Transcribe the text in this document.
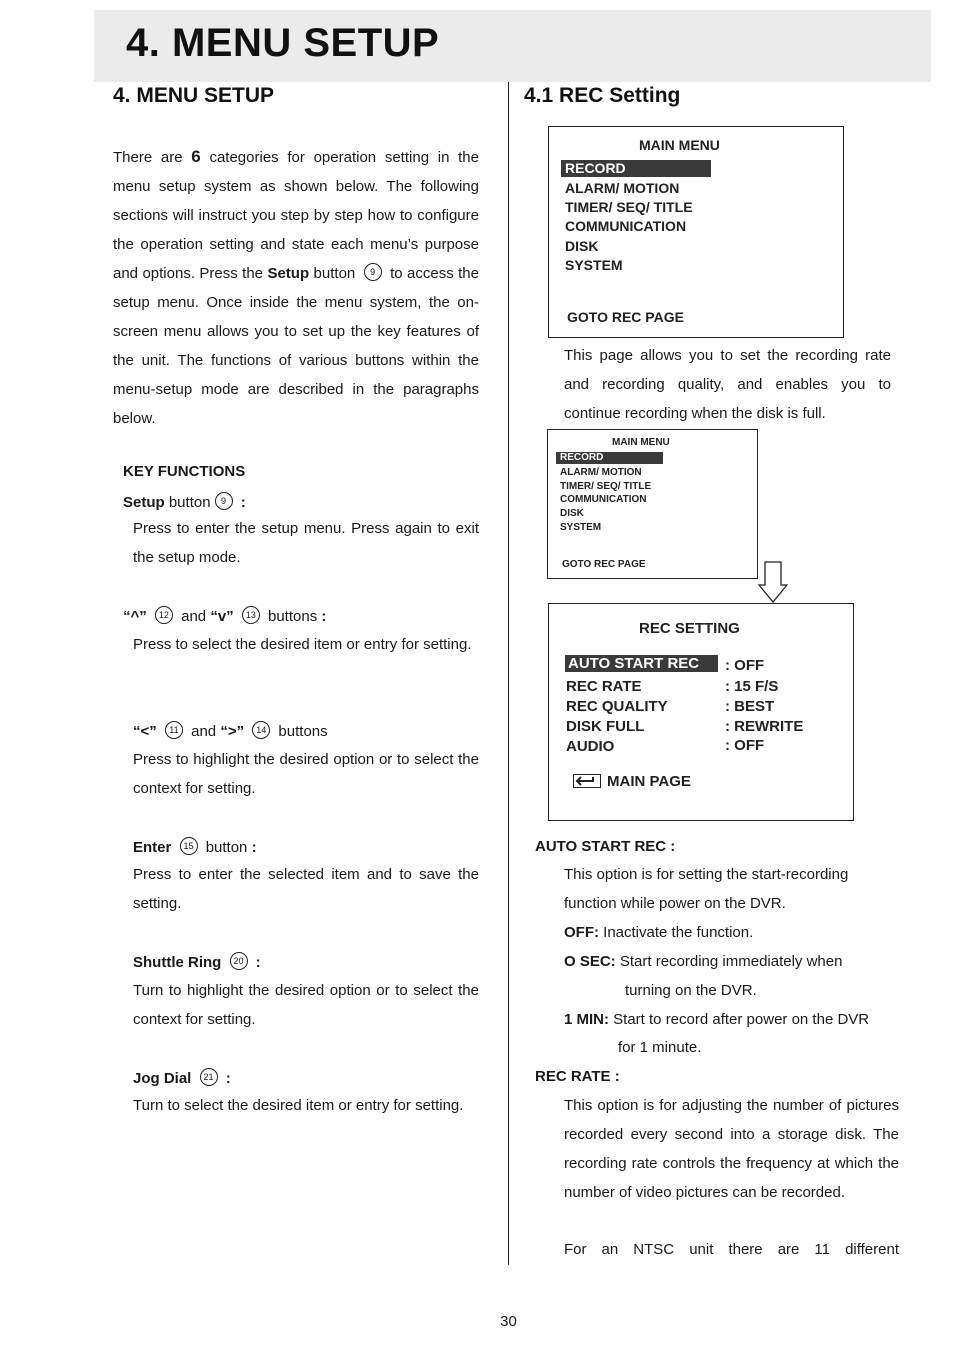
4. MENU SETUP
4. MENU SETUP

There are 6 categories for operation setting in the menu setup system as shown below. The following sections will instruct you step by step how to configure the operation setting and state each menu’s purpose and options. Press the Setup button 9 to access the setup menu. Once inside the menu system, the on-screen menu allows you to set up the key features of the unit. The functions of various buttons within the menu-setup mode are described in the paragraphs below.

KEY FUNCTIONS
Setup button 9 :
Press to enter the setup menu. Press again to exit the setup mode.
“^” 12 and “v” 13 buttons :
Press to select the desired item or entry for setting.
“<” 11 and “>” 14 buttons
Press to highlight the desired option or to select the context for setting.
Enter 15 button :
Press to enter the selected item and to save the setting.
Shuttle Ring 20 :
Turn to highlight the desired option or to select the context for setting.
Jog Dial 21 :
Turn to select the desired item or entry for setting.
4.1 REC Setting
MAIN MENU
RECORD
ALARM/ MOTION
TIMER/ SEQ/ TITLE
COMMUNICATION
DISK
SYSTEM
GOTO REC PAGE
This page allows you to set the recording rate and recording quality, and enables you to continue recording when the disk is full.
MAIN MENU
RECORD
ALARM/ MOTION
TIMER/ SEQ/ TITLE
COMMUNICATION
DISK
SYSTEM
GOTO REC PAGE
REC SETTING
AUTO START REC	: OFF
REC RATE	: 15 F/S
REC QUALITY	: BEST
DISK FULL	: REWRITE
AUDIO	: OFF
MAIN PAGE
AUTO START REC :
This option is for setting the start-recording function while power on the DVR.
OFF: Inactivate the function.
O SEC: Start recording immediately when
turning on the DVR.
1 MIN: Start to record after power on the DVR
for 1 minute.
REC RATE :
This option is for adjusting the number of pictures recorded every second into a storage disk. The recording rate controls the frequency at which the number of video pictures can be recorded.
For an NTSC unit there are 11 different
30
